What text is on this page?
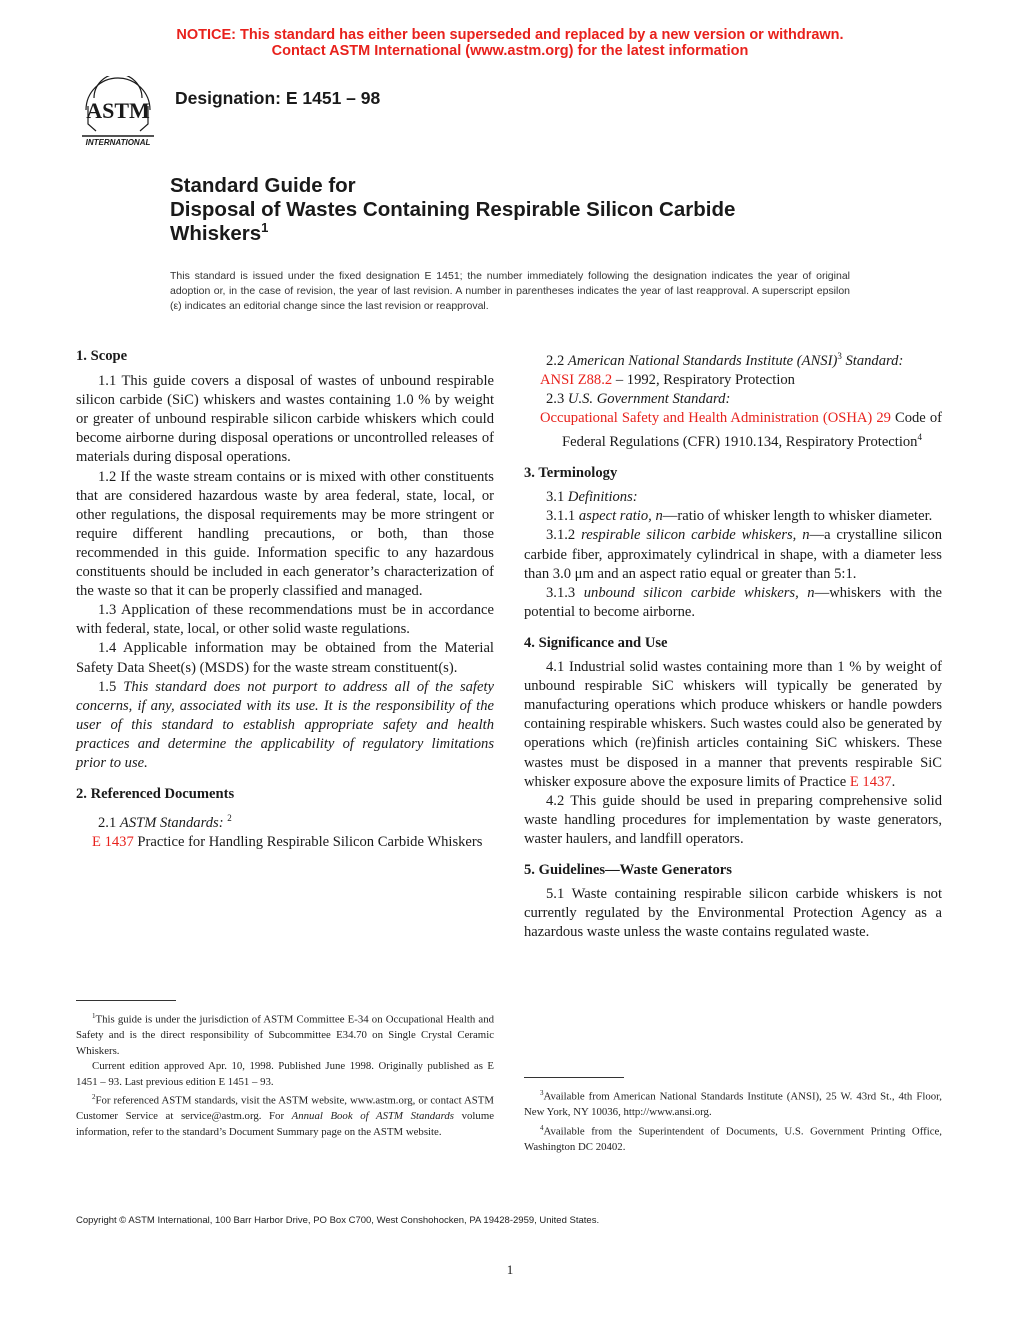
NOTICE: This standard has either been superseded and replaced by a new version or withdrawn.
Contact ASTM International (www.astm.org) for the latest information
ASTM
INTERNATIONAL
Designation: E 1451 – 98
Standard Guide for
Disposal of Wastes Containing Respirable Silicon Carbide
Whiskers$^1$
This standard is issued under the fixed designation E 1451; the number immediately following the designation indicates the year of original adoption or, in the case of revision, the year of last revision. A number in parentheses indicates the year of last reapproval. A superscript epsilon (ε) indicates an editorial change since the last revision or reapproval.
1. Scope

1.1 This guide covers a disposal of wastes of unbound respirable silicon carbide (SiC) whiskers and wastes containing 1.0 % by weight or greater of unbound respirable silicon carbide whiskers which could become airborne during disposal operations or uncontrolled releases of materials during disposal operations.

1.2 If the waste stream contains or is mixed with other constituents that are considered hazardous waste by area federal, state, local, or other regulations, the disposal requirements may be more stringent or require different handling precautions, or both, than those recommended in this guide. Information specific to any hazardous constituents should be included in each generator’s characterization of the waste so that it can be properly classified and managed.

1.3 Application of these recommendations must be in accordance with federal, state, local, or other solid waste regulations.

1.4 Applicable information may be obtained from the Material Safety Data Sheet(s) (MSDS) for the waste stream constituent(s).

1.5 This standard does not purport to address all of the safety concerns, if any, associated with its use. It is the responsibility of the user of this standard to establish appropriate safety and health practices and determine the applicability of regulatory limitations prior to use.

2. Referenced Documents

2.1 ASTM Standards: $^2$

E 1437 Practice for Handling Respirable Silicon Carbide Whiskers

2.2 American National Standards Institute (ANSI)$^3$ Standard:

ANSI Z88.2 – 1992, Respiratory Protection

2.3 U.S. Government Standard:

Occupational Safety and Health Administration (OSHA) 29 Code of Federal Regulations (CFR) 1910.134, Respiratory Protection$^4$

3. Terminology

3.1 Definitions:

3.1.1 aspect ratio, n—ratio of whisker length to whisker diameter.

3.1.2 respirable silicon carbide whiskers, n—a crystalline silicon carbide fiber, approximately cylindrical in shape, with a diameter less than 3.0 μm and an aspect ratio equal or greater than 5:1.

3.1.3 unbound silicon carbide whiskers, n—whiskers with the potential to become airborne.

4. Significance and Use

4.1 Industrial solid wastes containing more than 1 % by weight of unbound respirable SiC whiskers will typically be generated by manufacturing operations which produce whiskers or handle powders containing respirable whiskers. Such wastes could also be generated by operations which (re)finish articles containing SiC whiskers. These wastes must be disposed in a manner that prevents respirable SiC whisker exposure above the exposure limits of Practice E 1437.

4.2 This guide should be used in preparing comprehensive solid waste handling procedures for implementation by waste generators, waster haulers, and landfill operators.

5. Guidelines—Waste Generators

5.1 Waste containing respirable silicon carbide whiskers is not currently regulated by the Environmental Protection Agency as a hazardous waste unless the waste contains regulated waste.

$^1$This guide is under the jurisdiction of ASTM Committee E-34 on Occupational Health and Safety and is the direct responsibility of Subcommittee E34.70 on Single Crystal Ceramic Whiskers.

Current edition approved Apr. 10, 1998. Published June 1998. Originally published as E 1451 – 93. Last previous edition E 1451 – 93.

$^2$For referenced ASTM standards, visit the ASTM website, www.astm.org, or contact ASTM Customer Service at service@astm.org. For Annual Book of ASTM Standards volume information, refer to the standard’s Document Summary page on the ASTM website.

$^3$Available from American National Standards Institute (ANSI), 25 W. 43rd St., 4th Floor, New York, NY 10036, http://www.ansi.org.

$^4$Available from the Superintendent of Documents, U.S. Government Printing Office, Washington DC 20402.

Copyright © ASTM International, 100 Barr Harbor Drive, PO Box C700, West Conshohocken, PA 19428-2959, United States.
1
